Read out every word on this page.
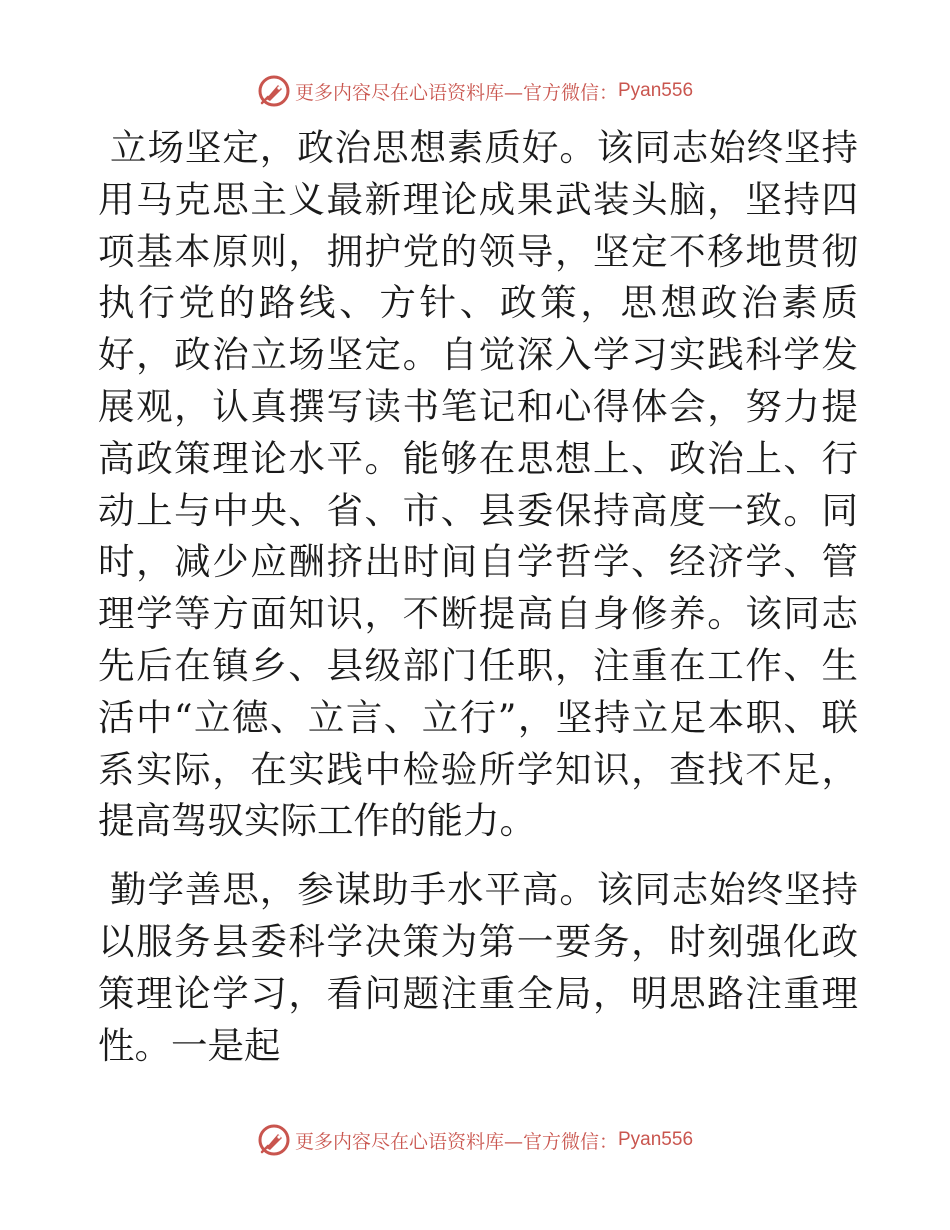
更多内容尽在心语资料库—官方微信： Pyan556

立场坚定，政治思想素质好。该同志始终坚持用马克思主义最新理论成果武装头脑，坚持四项基本原则，拥护党的领导，坚定不移地贯彻执行党的路线、方针、政策，思想政治素质好，政治立场坚定。自觉深入学习实践科学发展观，认真撰写读书笔记和心得体会，努力提高政策理论水平。能够在思想上、政治上、行动上与中央、省、市、县委保持高度一致。同时，减少应酬挤出时间自学哲学、经济学、管理学等方面知识，不断提高自身修养。该同志先后在镇乡、县级部门任职，注重在工作、生活中“立德、立言、立行”，坚持立足本职、联系实际，在实践中检验所学知识，查找不足，提高驾驭实际工作的能力。

勤学善思，参谋助手水平高。该同志始终坚持以服务县委科学决策为第一要务，时刻强化政策理论学习，看问题注重全局，明思路注重理性。一是起

更多内容尽在心语资料库—官方微信： Pyan556
